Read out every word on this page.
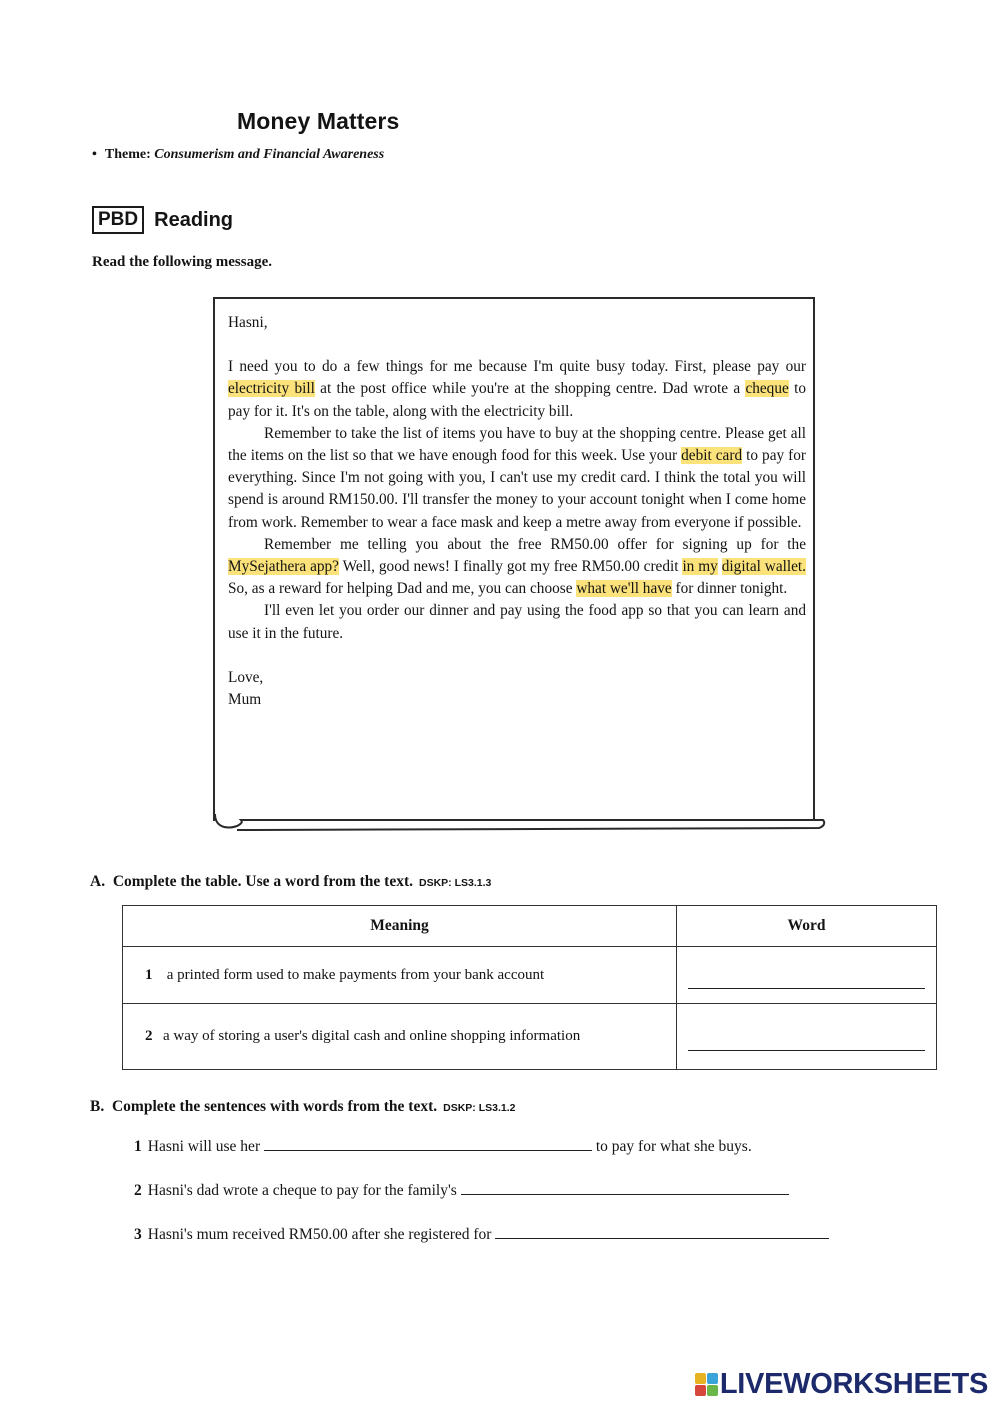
Money Matters
• Theme: Consumerism and Financial Awareness
PBD Reading
Read the following message.

Hasni,

I need you to do a few things for me because I'm quite busy today. First, please pay our electricity bill at the post office while you're at the shopping centre. Dad wrote a cheque to pay for it. It's on the table, along with the electricity bill.

Remember to take the list of items you have to buy at the shopping centre. Please get all the items on the list so that we have enough food for this week. Use your debit card to pay for everything. Since I'm not going with you, I can't use my credit card. I think the total you will spend is around RM150.00. I'll transfer the money to your account tonight when I come home from work. Remember to wear a face mask and keep a metre away from everyone if possible.

Remember me telling you about the free RM50.00 offer for signing up for the MySejathera app? Well, good news! I finally got my free RM50.00 credit in my digital wallet. So, as a reward for helping Dad and me, you can choose what we'll have for dinner tonight.

I'll even let you order our dinner and pay using the food app so that you can learn and use it in the future.

Love,

Mum

A. Complete the table. Use a word from the text. DSKP: LS3.1.3
Meaning	Word
1 a printed form used to make payments from your bank account	

2 a way of storing a user's digital cash and online shopping information	

B. Complete the sentences with words from the text. DSKP: LS3.1.2
1 Hasni will use her	to pay for what she buys.
2 Hasni's dad wrote a cheque to pay for the family's
3 Hasni's mum received RM50.00 after she registered for
LIVEWORKSHEETS
